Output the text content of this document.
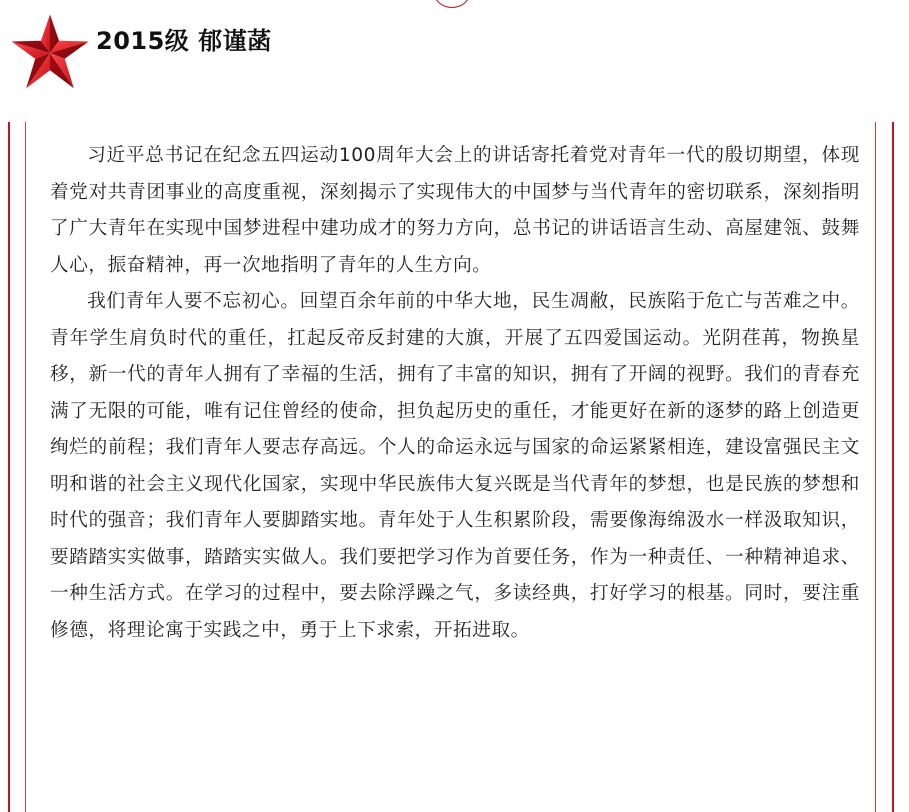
2015级 郁谨菡

习近平总书记在纪念五四运动100周年大会上的讲话寄托着党对青年一代的殷切期望，体现着党对共青团事业的高度重视，深刻揭示了实现伟大的中国梦与当代青年的密切联系，深刻指明了广大青年在实现中国梦进程中建功成才的努力方向，总书记的讲话语言生动、高屋建瓴、鼓舞人心，振奋精神，再一次地指明了青年的人生方向。

我们青年人要不忘初心。回望百余年前的中华大地，民生凋敝，民族陷于危亡与苦难之中。青年学生肩负时代的重任，扛起反帝反封建的大旗，开展了五四爱国运动。光阴荏苒，物换星移，新一代的青年人拥有了幸福的生活，拥有了丰富的知识，拥有了开阔的视野。我们的青春充满了无限的可能，唯有记住曾经的使命，担负起历史的重任，才能更好在新的逐梦的路上创造更绚烂的前程；我们青年人要志存高远。个人的命运永远与国家的命运紧紧相连，建设富强民主文明和谐的社会主义现代化国家，实现中华民族伟大复兴既是当代青年的梦想，也是民族的梦想和时代的强音；我们青年人要脚踏实地。青年处于人生积累阶段，需要像海绵汲水一样汲取知识，要踏踏实实做事，踏踏实实做人。我们要把学习作为首要任务，作为一种责任、一种精神追求、一种生活方式。在学习的过程中，要去除浮躁之气，多读经典，打好学习的根基。同时，要注重修德，将理论寓于实践之中，勇于上下求索，开拓进取。
